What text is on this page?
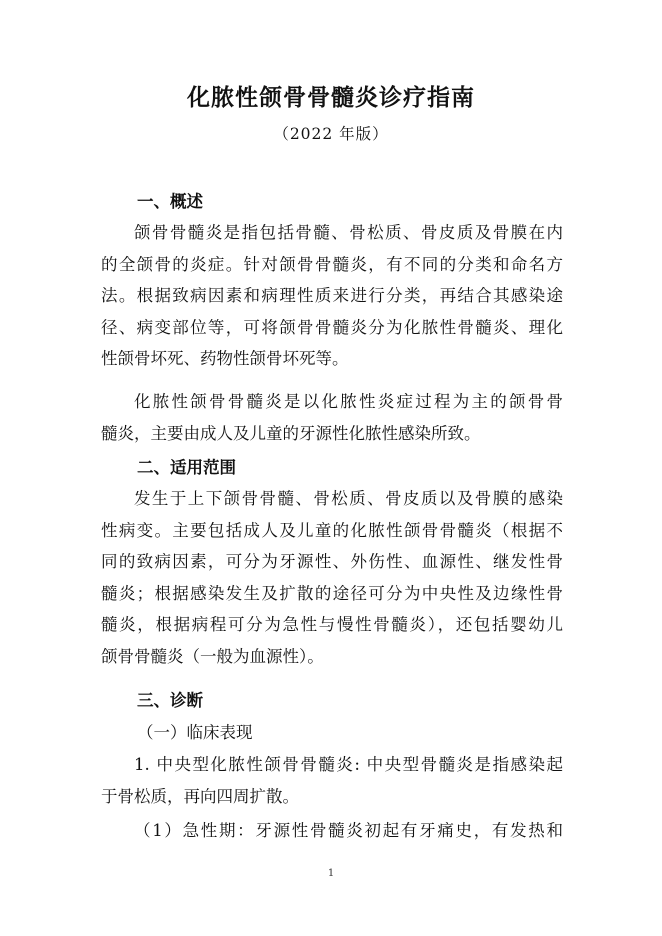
化脓性颌骨骨髓炎诊疗指南
（2022 年版）
一、概述
颌骨骨髓炎是指包括骨髓、骨松质、骨皮质及骨膜在内
的全颌骨的炎症。针对颌骨骨髓炎，有不同的分类和命名方
法。根据致病因素和病理性质来进行分类，再结合其感染途
径、病变部位等，可将颌骨骨髓炎分为化脓性骨髓炎、理化
性颌骨坏死、药物性颌骨坏死等。
化脓性颌骨骨髓炎是以化脓性炎症过程为主的颌骨骨
髓炎，主要由成人及儿童的牙源性化脓性感染所致。
二、适用范围
发生于上下颌骨骨髓、骨松质、骨皮质以及骨膜的感染
性病变。主要包括成人及儿童的化脓性颌骨骨髓炎（根据不
同的致病因素，可分为牙源性、外伤性、血源性、继发性骨
髓炎；根据感染发生及扩散的途径可分为中央性及边缘性骨
髓炎，根据病程可分为急性与慢性骨髓炎），还包括婴幼儿
颌骨骨髓炎（一般为血源性）。
三、诊断
（一）临床表现
1. 中央型化脓性颌骨骨髓炎: 中央型骨髓炎是指感染起
于骨松质，再向四周扩散。
（1）急性期：牙源性骨髓炎初起有牙痛史，有发热和
1
